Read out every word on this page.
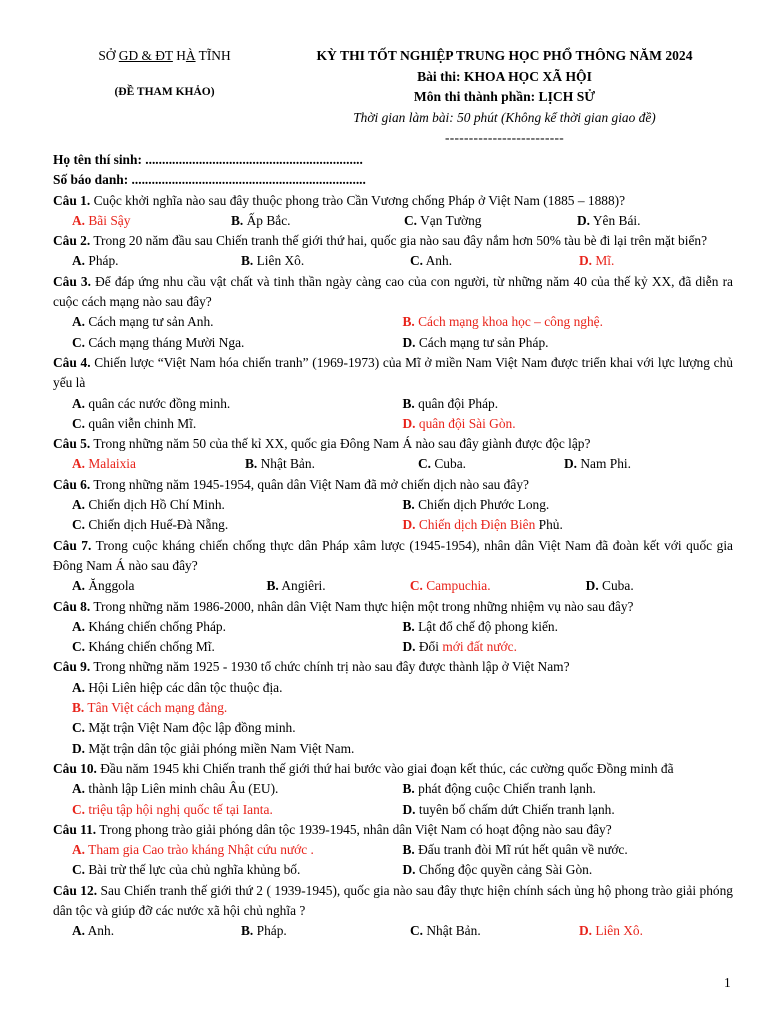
SỞ GD & ĐT HÀ TĨNH
(ĐỀ THAM KHẢO)
KỲ THI TỐT NGHIỆP TRUNG HỌC PHỔ THÔNG NĂM 2024
Bài thi: KHOA HỌC XÃ HỘI
Môn thi thành phần: LỊCH SỬ
Thời gian làm bài: 50 phút (Không kể thời gian giao đề)
-------------------------
Họ tên thí sinh: .................................................................
Số báo danh: ......................................................................
Câu 1. Cuộc khởi nghĩa nào sau đây thuộc phong trào Cần Vương chống Pháp ở Việt Nam (1885 – 1888)?
A. Bãi Sậy	B. Ấp Bắc.	C. Vạn Tường	D. Yên Bái.
Câu 2. Trong 20 năm đầu sau Chiến tranh thế giới thứ hai, quốc gia nào sau đây nắm hơn 50% tàu bè đi lại trên mặt biển?
A. Pháp.	B. Liên Xô.	C. Anh.	D. Mĩ.
Câu 3. Để đáp ứng nhu cầu vật chất và tinh thần ngày càng cao của con người, từ những năm 40 của thế kỷ XX, đã diễn ra cuộc cách mạng nào sau đây?
A. Cách mạng tư sản Anh.	B. Cách mạng khoa học – công nghệ.
C. Cách mạng tháng Mười Nga.	D. Cách mạng tư sản Pháp.
Câu 4. Chiến lược “Việt Nam hóa chiến tranh” (1969-1973) của Mĩ ở miền Nam Việt Nam được triển khai với lực lượng chủ yếu là
A. quân các nước đồng minh.	B. quân đội Pháp.
C. quân viễn chinh Mĩ.	D. quân đội Sài Gòn.
Câu 5. Trong những năm 50 của thế kỉ XX, quốc gia Đông Nam Á nào sau đây giành được độc lập?
A. Malaixia	B. Nhật Bản.	C. Cuba.	D. Nam Phi.
Câu 6. Trong những năm 1945-1954, quân dân Việt Nam đã mở chiến dịch nào sau đây?
A. Chiến dịch Hồ Chí Minh.	B. Chiến dịch Phước Long.
C. Chiến dịch Huế-Đà Nẵng.	D. Chiến dịch Điện Biên Phủ.
Câu 7. Trong cuộc kháng chiến chống thực dân Pháp xâm lược (1945-1954), nhân dân Việt Nam đã đoàn kết với quốc gia Đông Nam Á nào sau đây?
A. Ănggola	B. Angiêri.	C. Campuchia.	D. Cuba.
Câu 8. Trong những năm 1986-2000, nhân dân Việt Nam thực hiện một trong những nhiệm vụ nào sau đây?
A. Kháng chiến chống Pháp.	B. Lật đổ chế độ phong kiến.
C. Kháng chiến chống Mĩ.	D. Đổi mới đất nước.
Câu 9. Trong những năm 1925 - 1930 tổ chức chính trị nào sau đây được thành lập ở Việt Nam?
A. Hội Liên hiệp các dân tộc thuộc địa.
B. Tân Việt cách mạng đảng.
C. Mặt trận Việt Nam độc lập đồng minh.
D. Mặt trận dân tộc giải phóng miền Nam Việt Nam.
Câu 10. Đầu năm 1945 khi Chiến tranh thế giới thứ hai bước vào giai đoạn kết thúc, các cường quốc Đồng minh đã
A. thành lập Liên minh châu Âu (EU).	B. phát động cuộc Chiến tranh lạnh.
C. triệu tập hội nghị quốc tế tại Ianta.	D. tuyên bố chấm dứt Chiến tranh lạnh.
Câu 11. Trong phong trào giải phóng dân tộc 1939-1945, nhân dân Việt Nam có hoạt động nào sau đây?
A. Tham gia Cao trào kháng Nhật cứu nước .	B. Đấu tranh đòi Mĩ rút hết quân về nước.
C. Bài trừ thế lực của chủ nghĩa khủng bố.	D. Chống độc quyền cảng Sài Gòn.
Câu 12. Sau Chiến tranh thế giới thứ 2 ( 1939-1945), quốc gia nào sau đây thực hiện chính sách ủng hộ phong trào giải phóng dân tộc và giúp đỡ các nước xã hội chủ nghĩa ?
A. Anh.	B. Pháp.	C. Nhật Bản.	D. Liên Xô.
1
